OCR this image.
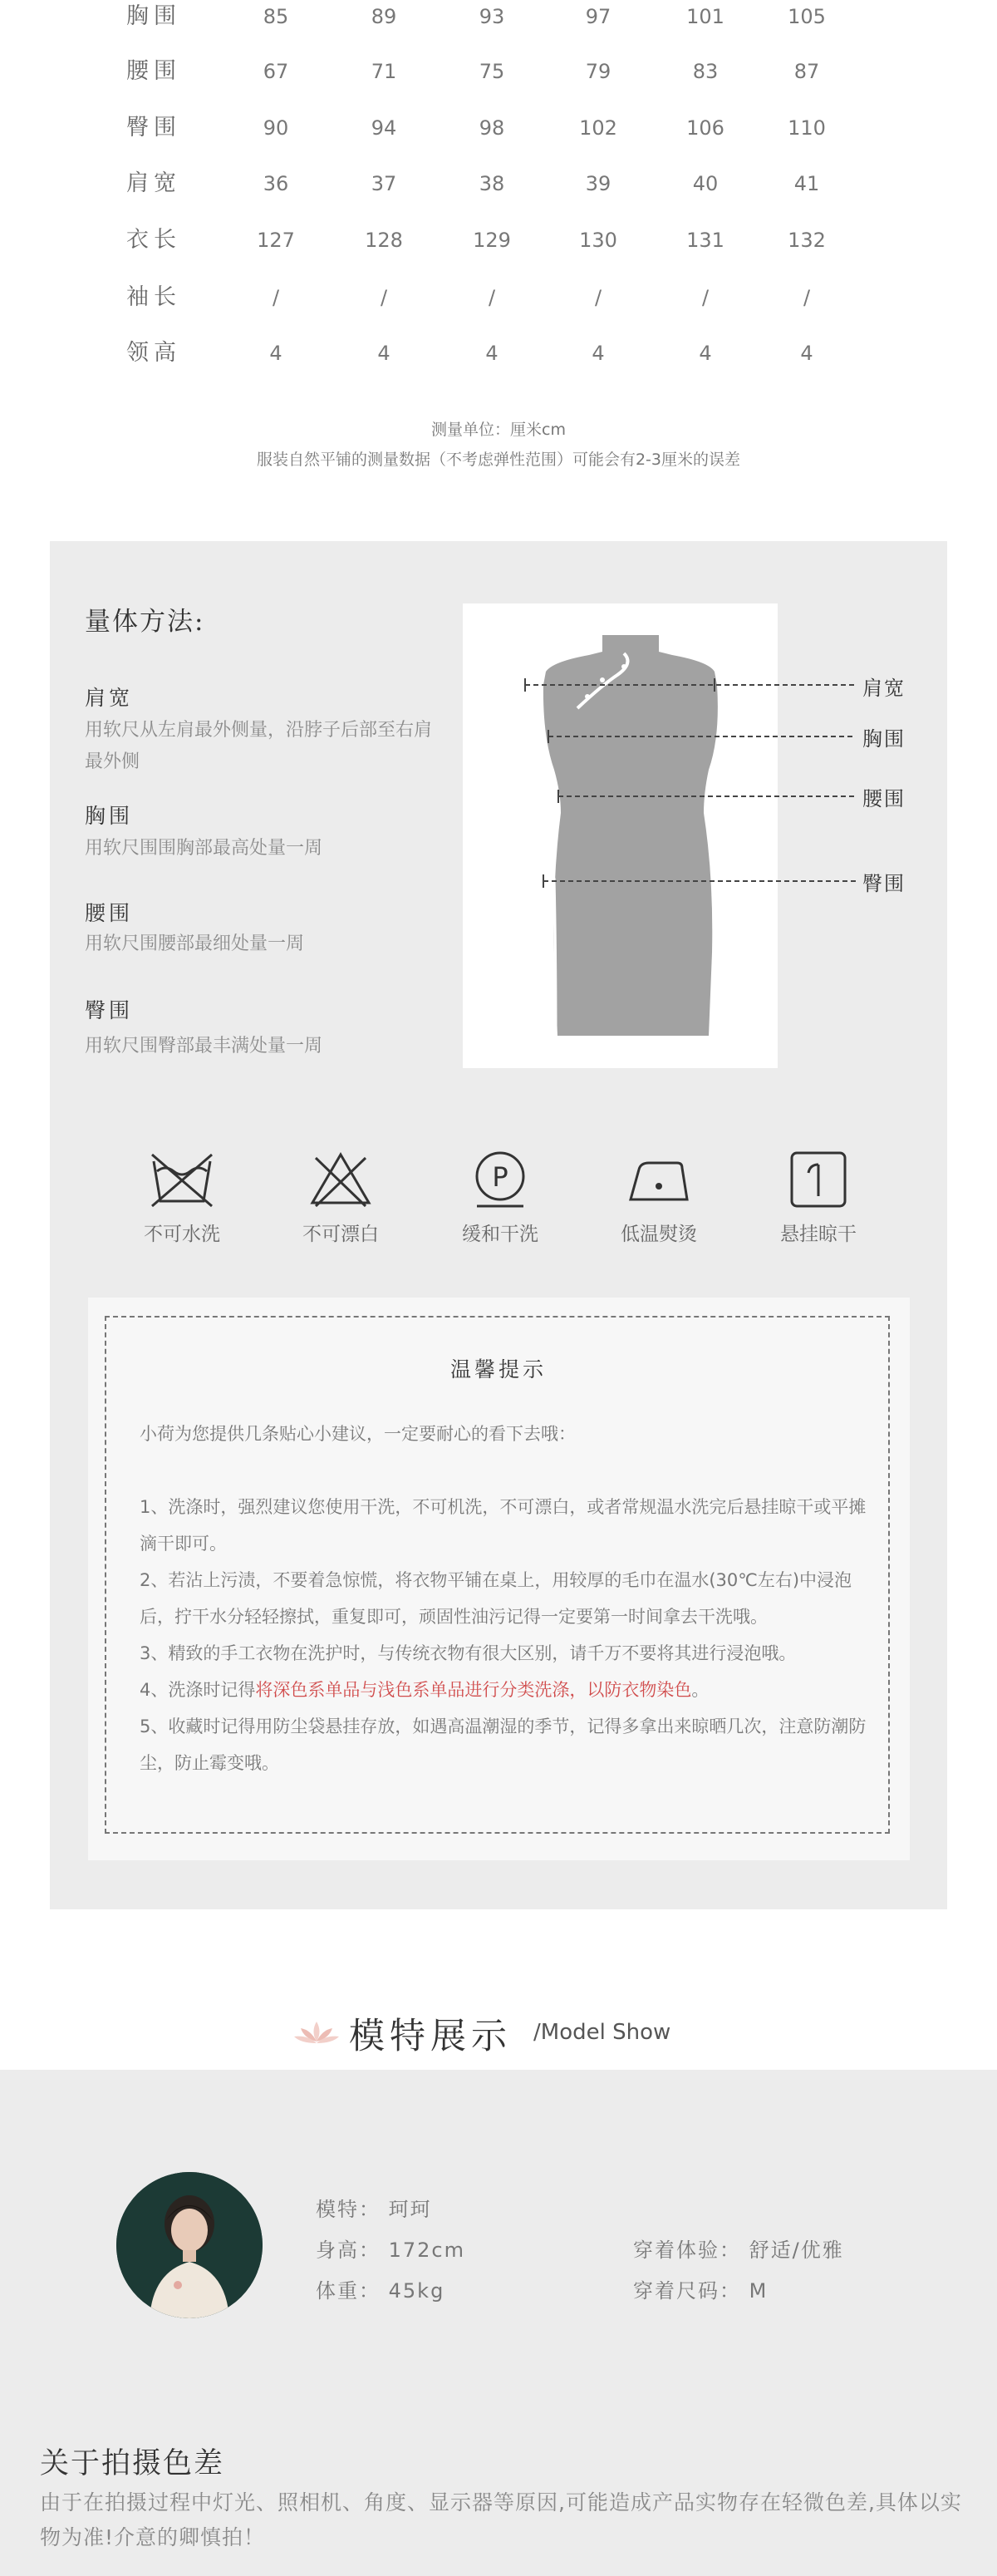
胸围	85	89	93	97	101	105
腰围	67	71	75	79	83	87
臀围	90	94	98	102	106	110
肩宽	36	37	38	39	40	41
衣长	127	128	129	130	131	132
袖长	/	/	/	/	/	/
领高	4	4	4	4	4	4
测量单位：厘米cm
服装自然平铺的测量数据（不考虑弹性范围）可能会有2-3厘米的误差
量体方法:
肩宽
用软尺从左肩最外侧量，沿脖子后部至右肩最外侧
胸围
用软尺围围胸部最高处量一周
腰围
用软尺围腰部最细处量一周
臀围
用软尺围臀部最丰满处量一周
肩宽
胸围
腰围
臀围
P
不可水洗	不可漂白	缓和干洗	低温熨烫	悬挂晾干
温馨提示
小荷为您提供几条贴心小建议，一定要耐心的看下去哦：
1、洗涤时，强烈建议您使用干洗，不可机洗，不可漂白，或者常规温水洗完后悬挂晾干或平摊滴干即可。
2、若沾上污渍，不要着急惊慌，将衣物平铺在桌上，用较厚的毛巾在温水(30℃左右)中浸泡后，拧干水分轻轻擦拭，重复即可，顽固性油污记得一定要第一时间拿去干洗哦。
3、精致的手工衣物在洗护时，与传统衣物有很大区别，请千万不要将其进行浸泡哦。
4、洗涤时记得将深色系单品与浅色系单品进行分类洗涤，以防衣物染色。
5、收藏时记得用防尘袋悬挂存放，如遇高温潮湿的季节，记得多拿出来晾晒几次，注意防潮防尘，防止霉变哦。
模特展示 /Model Show
模特： 珂珂
身高： 172cm
体重： 45kg
穿着体验： 舒适/优雅
穿着尺码： M
关于拍摄色差
由于在拍摄过程中灯光、照相机、角度、显示器等原因,可能造成产品实物存在轻微色差,具体以实物为准!介意的卿慎拍！
